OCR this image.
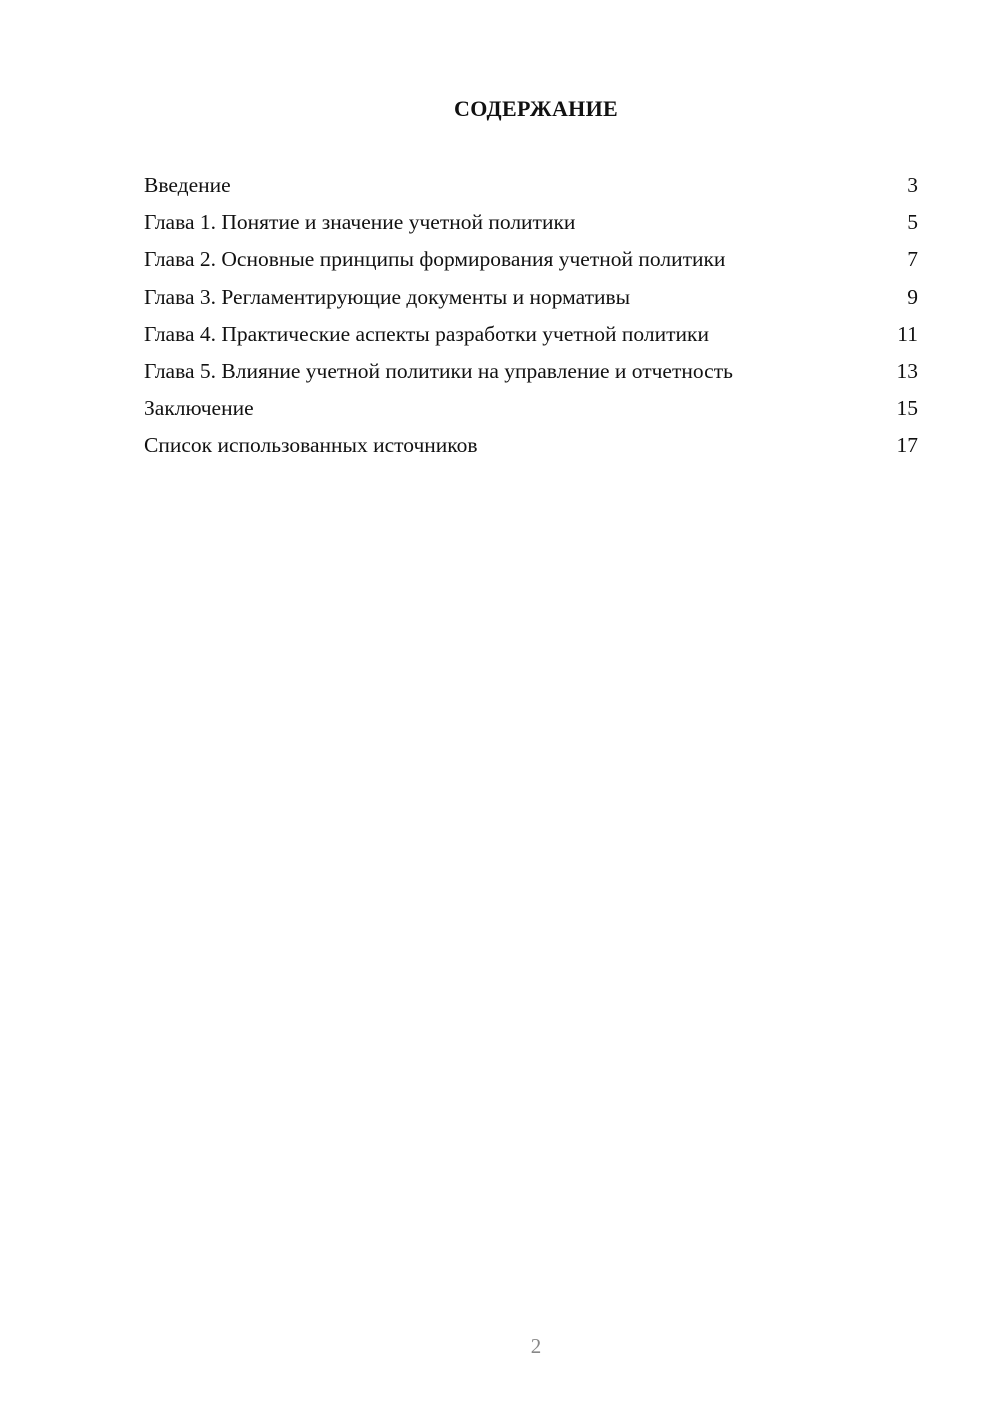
СОДЕРЖАНИЕ
Введение	3
Глава 1. Понятие и значение учетной политики	5
Глава 2. Основные принципы формирования учетной политики	7
Глава 3. Регламентирующие документы и нормативы	9
Глава 4. Практические аспекты разработки учетной политики	11
Глава 5. Влияние учетной политики на управление и отчетность	13
Заключение	15
Список использованных источников	17
2
